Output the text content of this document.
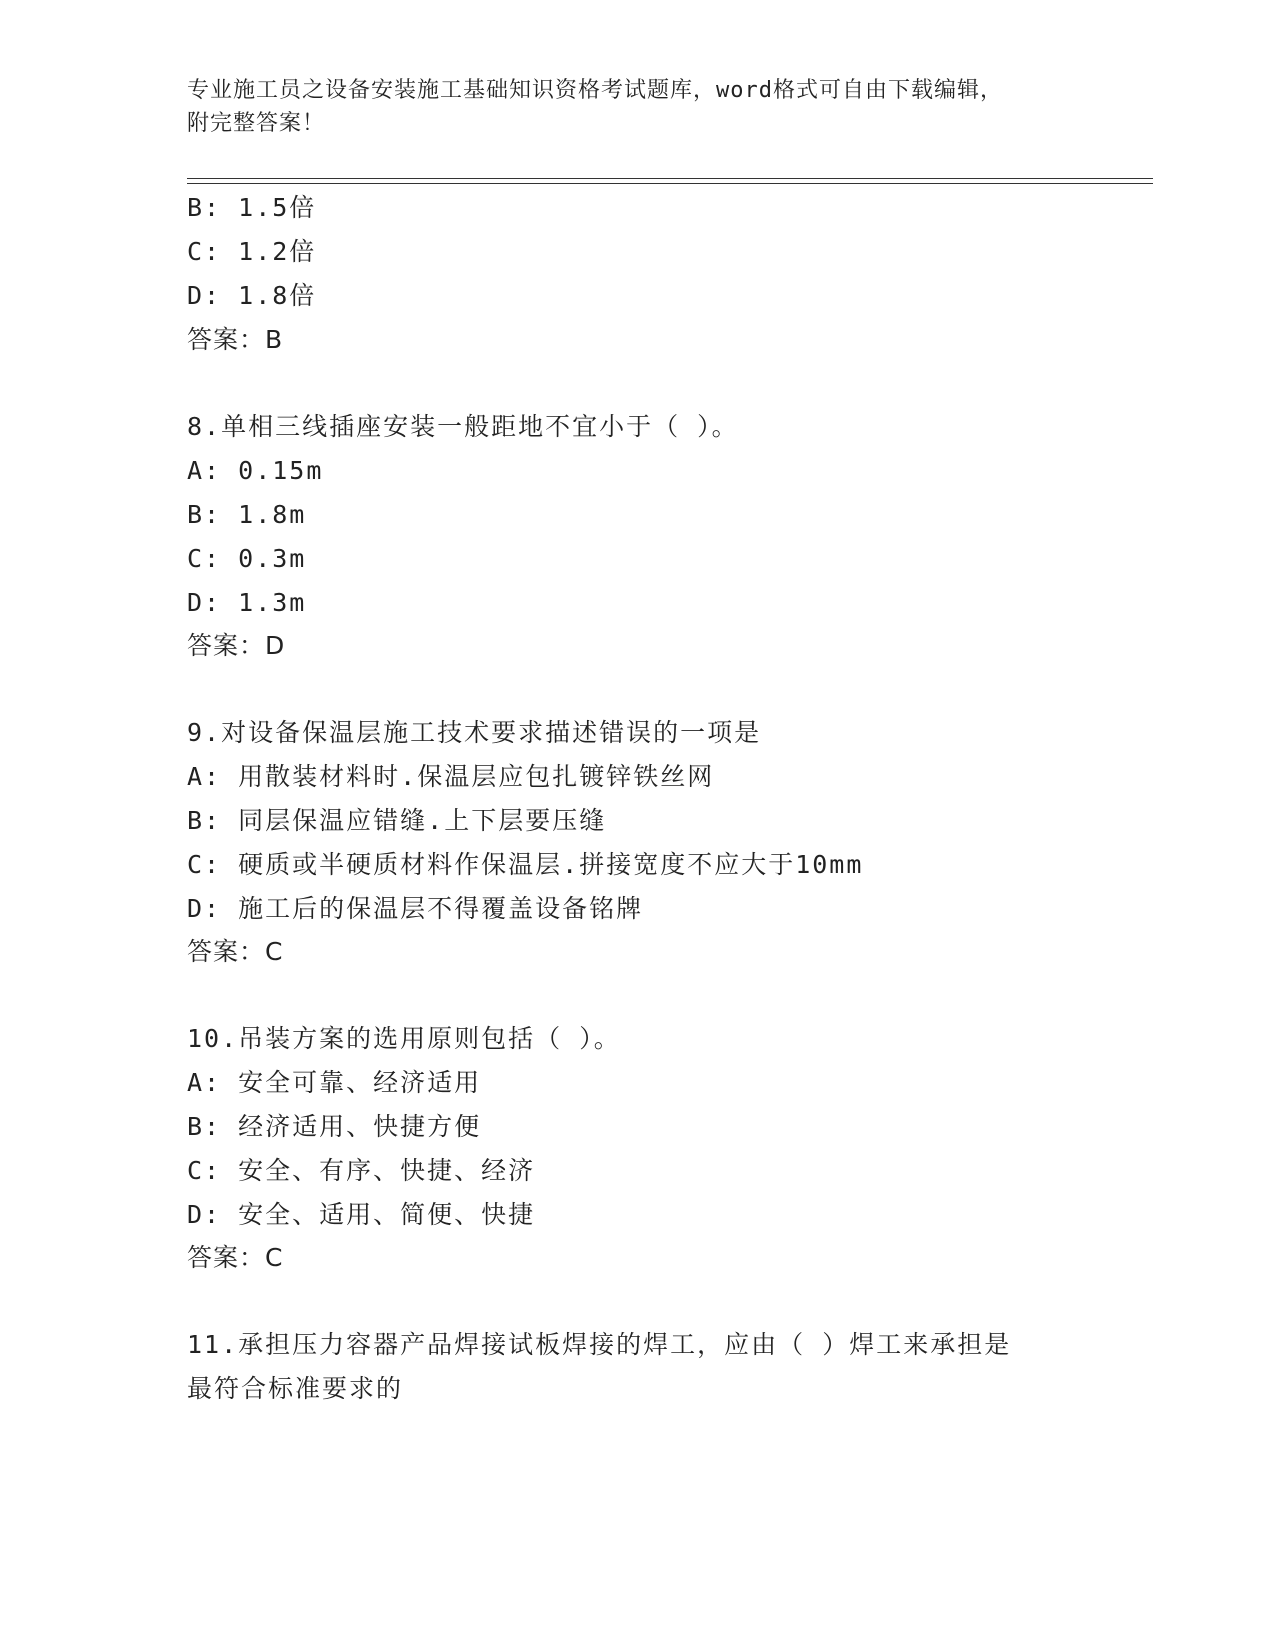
专业施工员之设备安装施工基础知识资格考试题库，word格式可自由下载编辑，
附完整答案！
B: 1.5倍
C: 1.2倍
D: 1.8倍
答案：B
8.单相三线插座安装一般距地不宜小于（ ）。
A: 0.15m
B: 1.8m
C: 0.3m
D: 1.3m
答案：D
9.对设备保温层施工技术要求描述错误的一项是
A: 用散装材料时.保温层应包扎镀锌铁丝网
B: 同层保温应错缝.上下层要压缝
C: 硬质或半硬质材料作保温层.拼接宽度不应大于10mm
D: 施工后的保温层不得覆盖设备铭牌
答案：C
10.吊装方案的选用原则包括（ ）。
A: 安全可靠、经济适用
B: 经济适用、快捷方便
C: 安全、有序、快捷、经济
D: 安全、适用、简便、快捷
答案：C
11.承担压力容器产品焊接试板焊接的焊工，应由（ ）焊工来承担是
最符合标准要求的
